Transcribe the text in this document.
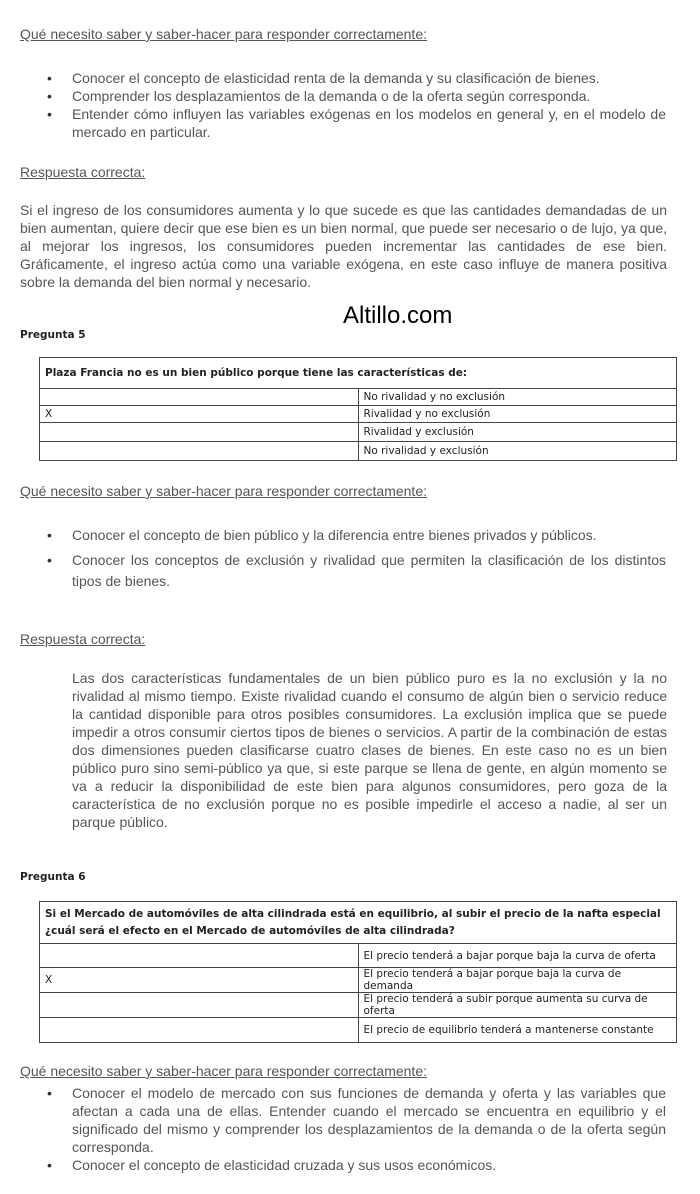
Qué necesito saber y saber-hacer para responder correctamente:
• Conocer el concepto de elasticidad renta de la demanda y su clasificación de bienes.
• Comprender los desplazamientos de la demanda o de la oferta según corresponda.
• Entender cómo influyen las variables exógenas en los modelos en general y, en el modelo de mercado en particular.
Respuesta correcta:
Si el ingreso de los consumidores aumenta y lo que sucede es que las cantidades demandadas de un bien aumentan, quiere decir que ese bien es un bien normal, que puede ser necesario o de lujo, ya que, al mejorar los ingresos, los consumidores pueden incrementar las cantidades de ese bien. Gráficamente, el ingreso actúa como una variable exógena, en este caso influye de manera positiva sobre la demanda del bien normal y necesario.
Altillo.com
Pregunta 5
Plaza Francia no es un bien público porque tiene las características de:	
	No rivalidad y no exclusión
X	Rivalidad y no exclusión
	Rivalidad y exclusión
	No rivalidad y exclusión
Qué necesito saber y saber-hacer para responder correctamente:
• Conocer el concepto de bien público y la diferencia entre bienes privados y públicos.
• Conocer los conceptos de exclusión y rivalidad que permiten la clasificación de los distintos tipos de bienes.
Respuesta correcta:
Las dos características fundamentales de un bien público puro es la no exclusión y la no rivalidad al mismo tiempo. Existe rivalidad cuando el consumo de algún bien o servicio reduce la cantidad disponible para otros posibles consumidores. La exclusión implica que se puede impedir a otros consumir ciertos tipos de bienes o servicios. A partir de la combinación de estas dos dimensiones pueden clasificarse cuatro clases de bienes. En este caso no es un bien público puro sino semi-público ya que, si este parque se llena de gente, en algún momento se va a reducir la disponibilidad de este bien para algunos consumidores, pero goza de la característica de no exclusión porque no es posible impedirle el acceso a nadie, al ser un parque público.
Pregunta 6
Si el Mercado de automóviles de alta cilindrada está en equilibrio, al subir el precio de la nafta especial ¿cuál será el efecto en el Mercado de automóviles de alta cilindrada?	
	El precio tenderá a bajar porque baja la curva de oferta
X	El precio tenderá a bajar porque baja la curva de demanda
	El precio tenderá a subir porque aumenta su curva de oferta
	El precio de equilibrio tenderá a mantenerse constante
Qué necesito saber y saber-hacer para responder correctamente:
• Conocer el modelo de mercado con sus funciones de demanda y oferta y las variables que afectan a cada una de ellas. Entender cuando el mercado se encuentra en equilibrio y el significado del mismo y comprender los desplazamientos de la demanda o de la oferta según corresponda.
• Conocer el concepto de elasticidad cruzada y sus usos económicos.
